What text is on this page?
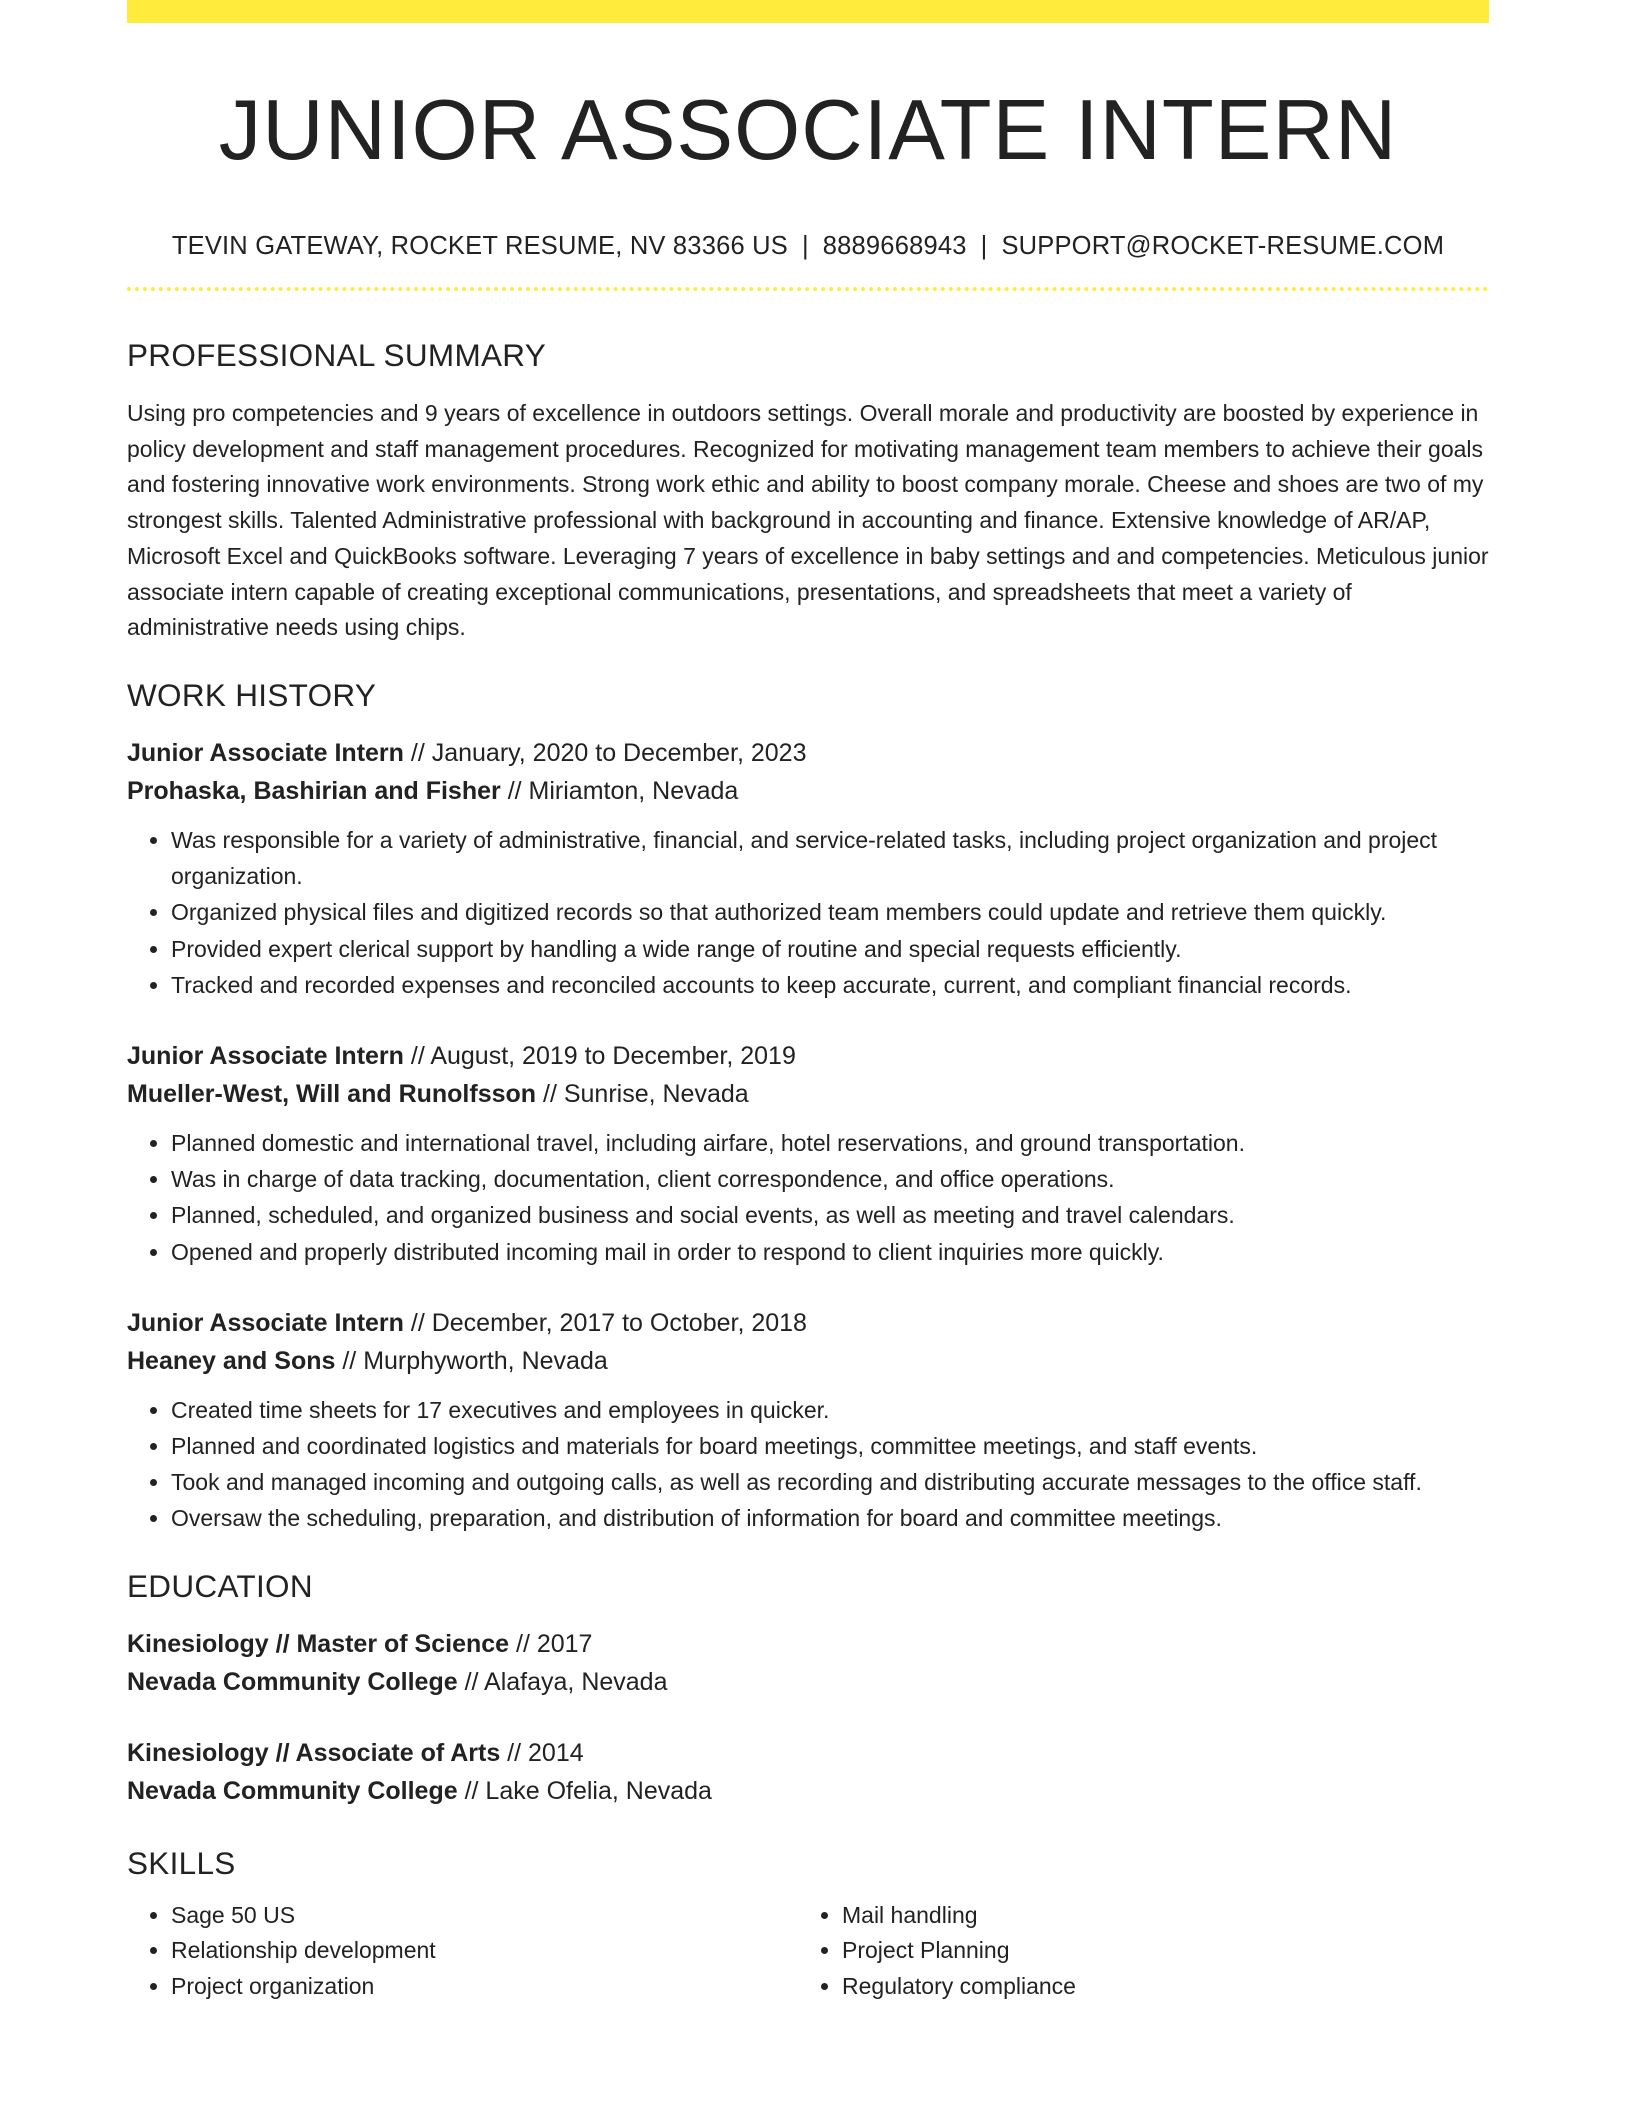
JUNIOR ASSOCIATE INTERN
TEVIN GATEWAY, ROCKET RESUME, NV 83366 US | 8889668943 | SUPPORT@ROCKET-RESUME.COM
PROFESSIONAL SUMMARY

Using pro competencies and 9 years of excellence in outdoors settings. Overall morale and productivity are boosted by experience in policy development and staff management procedures. Recognized for motivating management team members to achieve their goals and fostering innovative work environments. Strong work ethic and ability to boost company morale. Cheese and shoes are two of my strongest skills. Talented Administrative professional with background in accounting and finance. Extensive knowledge of AR/AP, Microsoft Excel and QuickBooks software. Leveraging 7 years of excellence in baby settings and and competencies. Meticulous junior associate intern capable of creating exceptional communications, presentations, and spreadsheets that meet a variety of administrative needs using chips.

WORK HISTORY
Junior Associate Intern // January, 2020 to December, 2023
Prohaska, Bashirian and Fisher // Miriamton, Nevada
• Was responsible for a variety of administrative, financial, and service-related tasks, including project organization and project organization.
• Organized physical files and digitized records so that authorized team members could update and retrieve them quickly.
• Provided expert clerical support by handling a wide range of routine and special requests efficiently.
• Tracked and recorded expenses and reconciled accounts to keep accurate, current, and compliant financial records.
Junior Associate Intern // August, 2019 to December, 2019
Mueller-West, Will and Runolfsson // Sunrise, Nevada
• Planned domestic and international travel, including airfare, hotel reservations, and ground transportation.
• Was in charge of data tracking, documentation, client correspondence, and office operations.
• Planned, scheduled, and organized business and social events, as well as meeting and travel calendars.
• Opened and properly distributed incoming mail in order to respond to client inquiries more quickly.
Junior Associate Intern // December, 2017 to October, 2018
Heaney and Sons // Murphyworth, Nevada
• Created time sheets for 17 executives and employees in quicker.
• Planned and coordinated logistics and materials for board meetings, committee meetings, and staff events.
• Took and managed incoming and outgoing calls, as well as recording and distributing accurate messages to the office staff.
• Oversaw the scheduling, preparation, and distribution of information for board and committee meetings.
EDUCATION
Kinesiology // Master of Science // 2017
Nevada Community College // Alafaya, Nevada
Kinesiology // Associate of Arts // 2014
Nevada Community College // Lake Ofelia, Nevada
SKILLS
• Sage 50 US
• Relationship development
• Project organization
• Mail handling
• Project Planning
• Regulatory compliance
